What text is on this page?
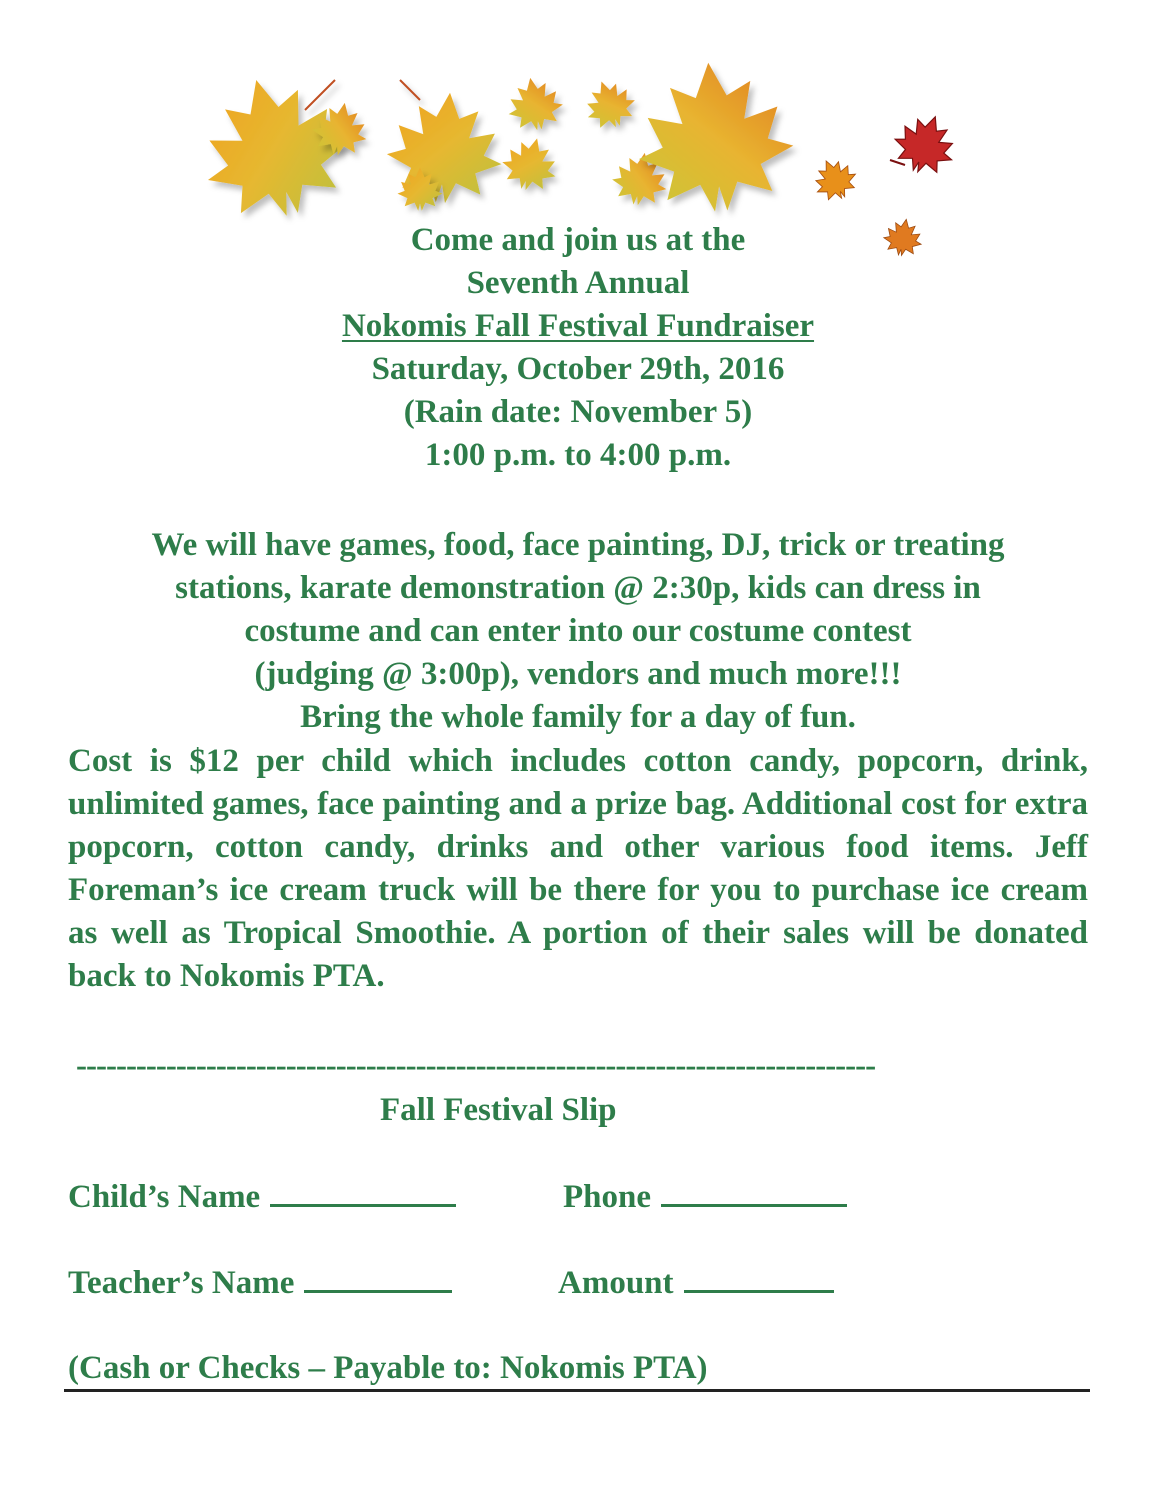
Come and join us at the
Seventh Annual
Nokomis Fall Festival Fundraiser
Saturday, October 29th, 2016
(Rain date: November 5)
1:00 p.m. to 4:00 p.m.
We will have games, food, face painting, DJ, trick or treating
stations, karate demonstration @ 2:30p, kids can dress in
costume and can enter into our costume contest
(judging @ 3:00p), vendors and much more!!!
Bring the whole family for a day of fun.
Cost is $12 per child which includes cotton candy, popcorn, drink, unlimited games, face painting and a prize bag. Additional cost for extra popcorn, cotton candy, drinks and other various food items. Jeff Foreman’s ice cream truck will be there for you to purchase ice cream as well as Tropical Smoothie. A portion of their sales will be donated back to Nokomis PTA.
--------------------------------------------------------------------------------
Fall Festival Slip
Child’s Name	Phone
Teacher’s Name	Amount
(Cash or Checks – Payable to: Nokomis PTA)
